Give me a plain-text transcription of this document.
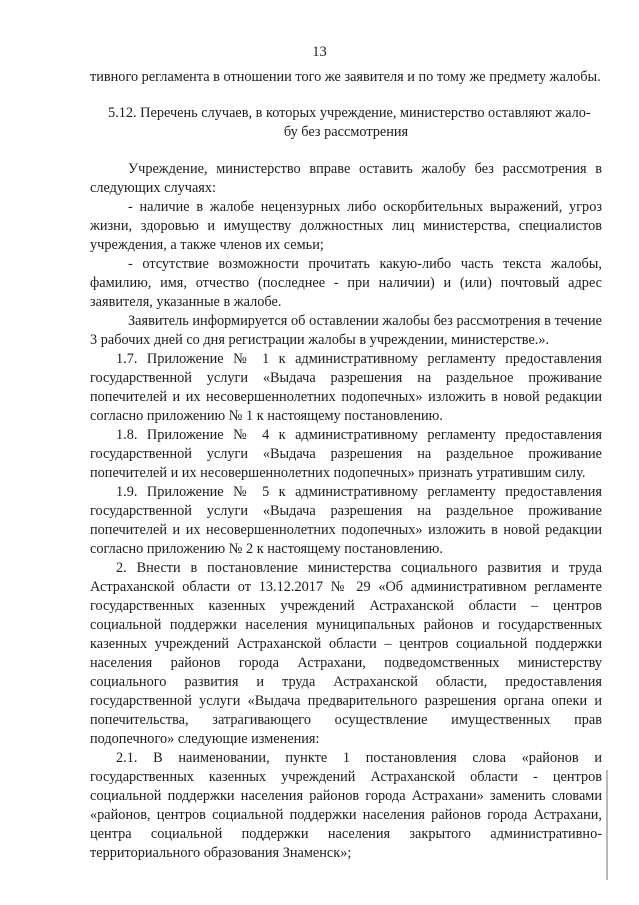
13

тивного регламента в отношении того же заявителя и по тому же предмету жалобы.

5.12. Перечень случаев, в которых учреждение, министерство оставляют жало-
бу без рассмотрения

Учреждение, министерство вправе оставить жалобу без рассмотрения в следующих случаях:

- наличие в жалобе нецензурных либо оскорбительных выражений, угроз жизни, здоровью и имуществу должностных лиц министерства, специалистов учреждения, а также членов их семьи;

- отсутствие возможности прочитать какую-либо часть текста жалобы, фамилию, имя, отчество (последнее - при наличии) и (или) почтовый адрес заявителя, указанные в жалобе.

Заявитель информируется об оставлении жалобы без рассмотрения в течение 3 рабочих дней со дня регистрации жалобы в учреждении, министерстве.».

1.7. Приложение № 1 к административному регламенту предоставления государственной услуги «Выдача разрешения на раздельное проживание попечителей и их несовершеннолетних подопечных» изложить в новой редакции согласно приложению № 1 к настоящему постановлению.

1.8. Приложение № 4 к административному регламенту предоставления государственной услуги «Выдача разрешения на раздельное проживание попечителей и их несовершеннолетних подопечных» признать утратившим силу.

1.9. Приложение № 5 к административному регламенту предоставления государственной услуги «Выдача разрешения на раздельное проживание попечителей и их несовершеннолетних подопечных» изложить в новой редакции согласно приложению № 2 к настоящему постановлению.

2. Внести в постановление министерства социального развития и труда Астраханской области от 13.12.2017 № 29 «Об административном регламенте государственных казенных учреждений Астраханской области – центров социальной поддержки населения муниципальных районов и государственных казенных учреждений Астраханской области – центров социальной поддержки населения районов города Астрахани, подведомственных министерству социального развития и труда Астраханской области, предоставления государственной услуги «Выдача предварительного разрешения органа опеки и попечительства, затрагивающего осуществление имущественных прав подопечного» следующие изменения:

2.1. В наименовании, пункте 1 постановления слова «районов и государственных казенных учреждений Астраханской области - центров социальной поддержки населения районов города Астрахани» заменить словами «районов, центров социальной поддержки населения районов города Астрахани, центра социальной поддержки населения закрытого административно-территориального образования Знаменск»;
